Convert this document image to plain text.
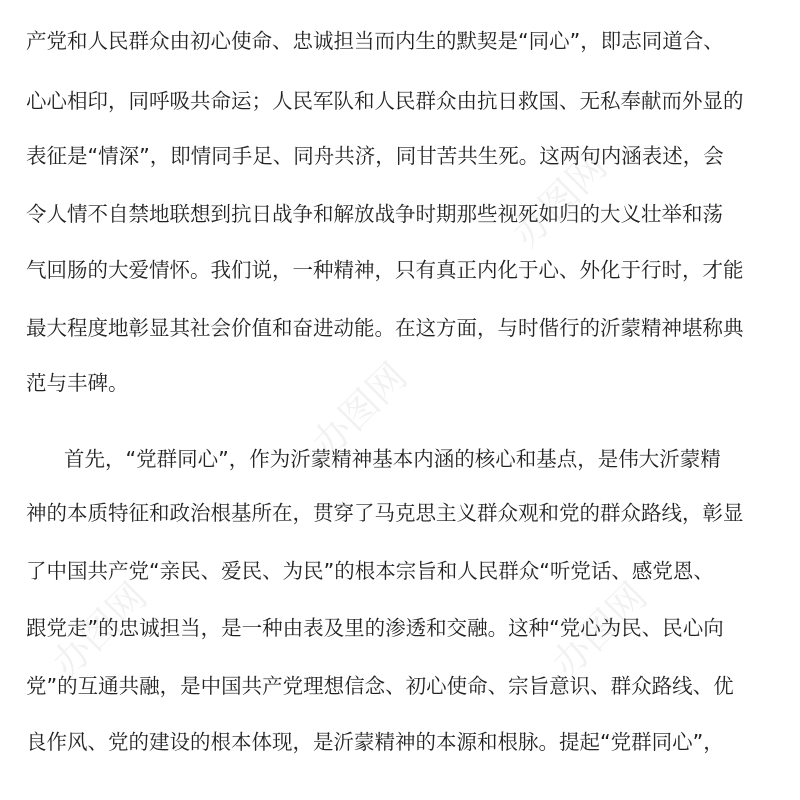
办图网
办图网
办图网
办图网
产党和人民群众由初心使命、忠诚担当而内生的默契是“同心”，即志同道合、
心心相印，同呼吸共命运；人民军队和人民群众由抗日救国、无私奉献而外显的
表征是“情深”，即情同手足、同舟共济，同甘苦共生死。这两句内涵表述，会
令人情不自禁地联想到抗日战争和解放战争时期那些视死如归的大义壮举和荡
气回肠的大爱情怀。我们说，一种精神，只有真正内化于心、外化于行时，才能
最大程度地彰显其社会价值和奋进动能。在这方面，与时偕行的沂蒙精神堪称典
范与丰碑。
首先，“党群同心”，作为沂蒙精神基本内涵的核心和基点，是伟大沂蒙精
神的本质特征和政治根基所在，贯穿了马克思主义群众观和党的群众路线，彰显
了中国共产党“亲民、爱民、为民”的根本宗旨和人民群众“听党话、感党恩、
跟党走”的忠诚担当，是一种由表及里的渗透和交融。这种“党心为民、民心向
党”的互通共融，是中国共产党理想信念、初心使命、宗旨意识、群众路线、优
良作风、党的建设的根本体现，是沂蒙精神的本源和根脉。提起“党群同心”，
